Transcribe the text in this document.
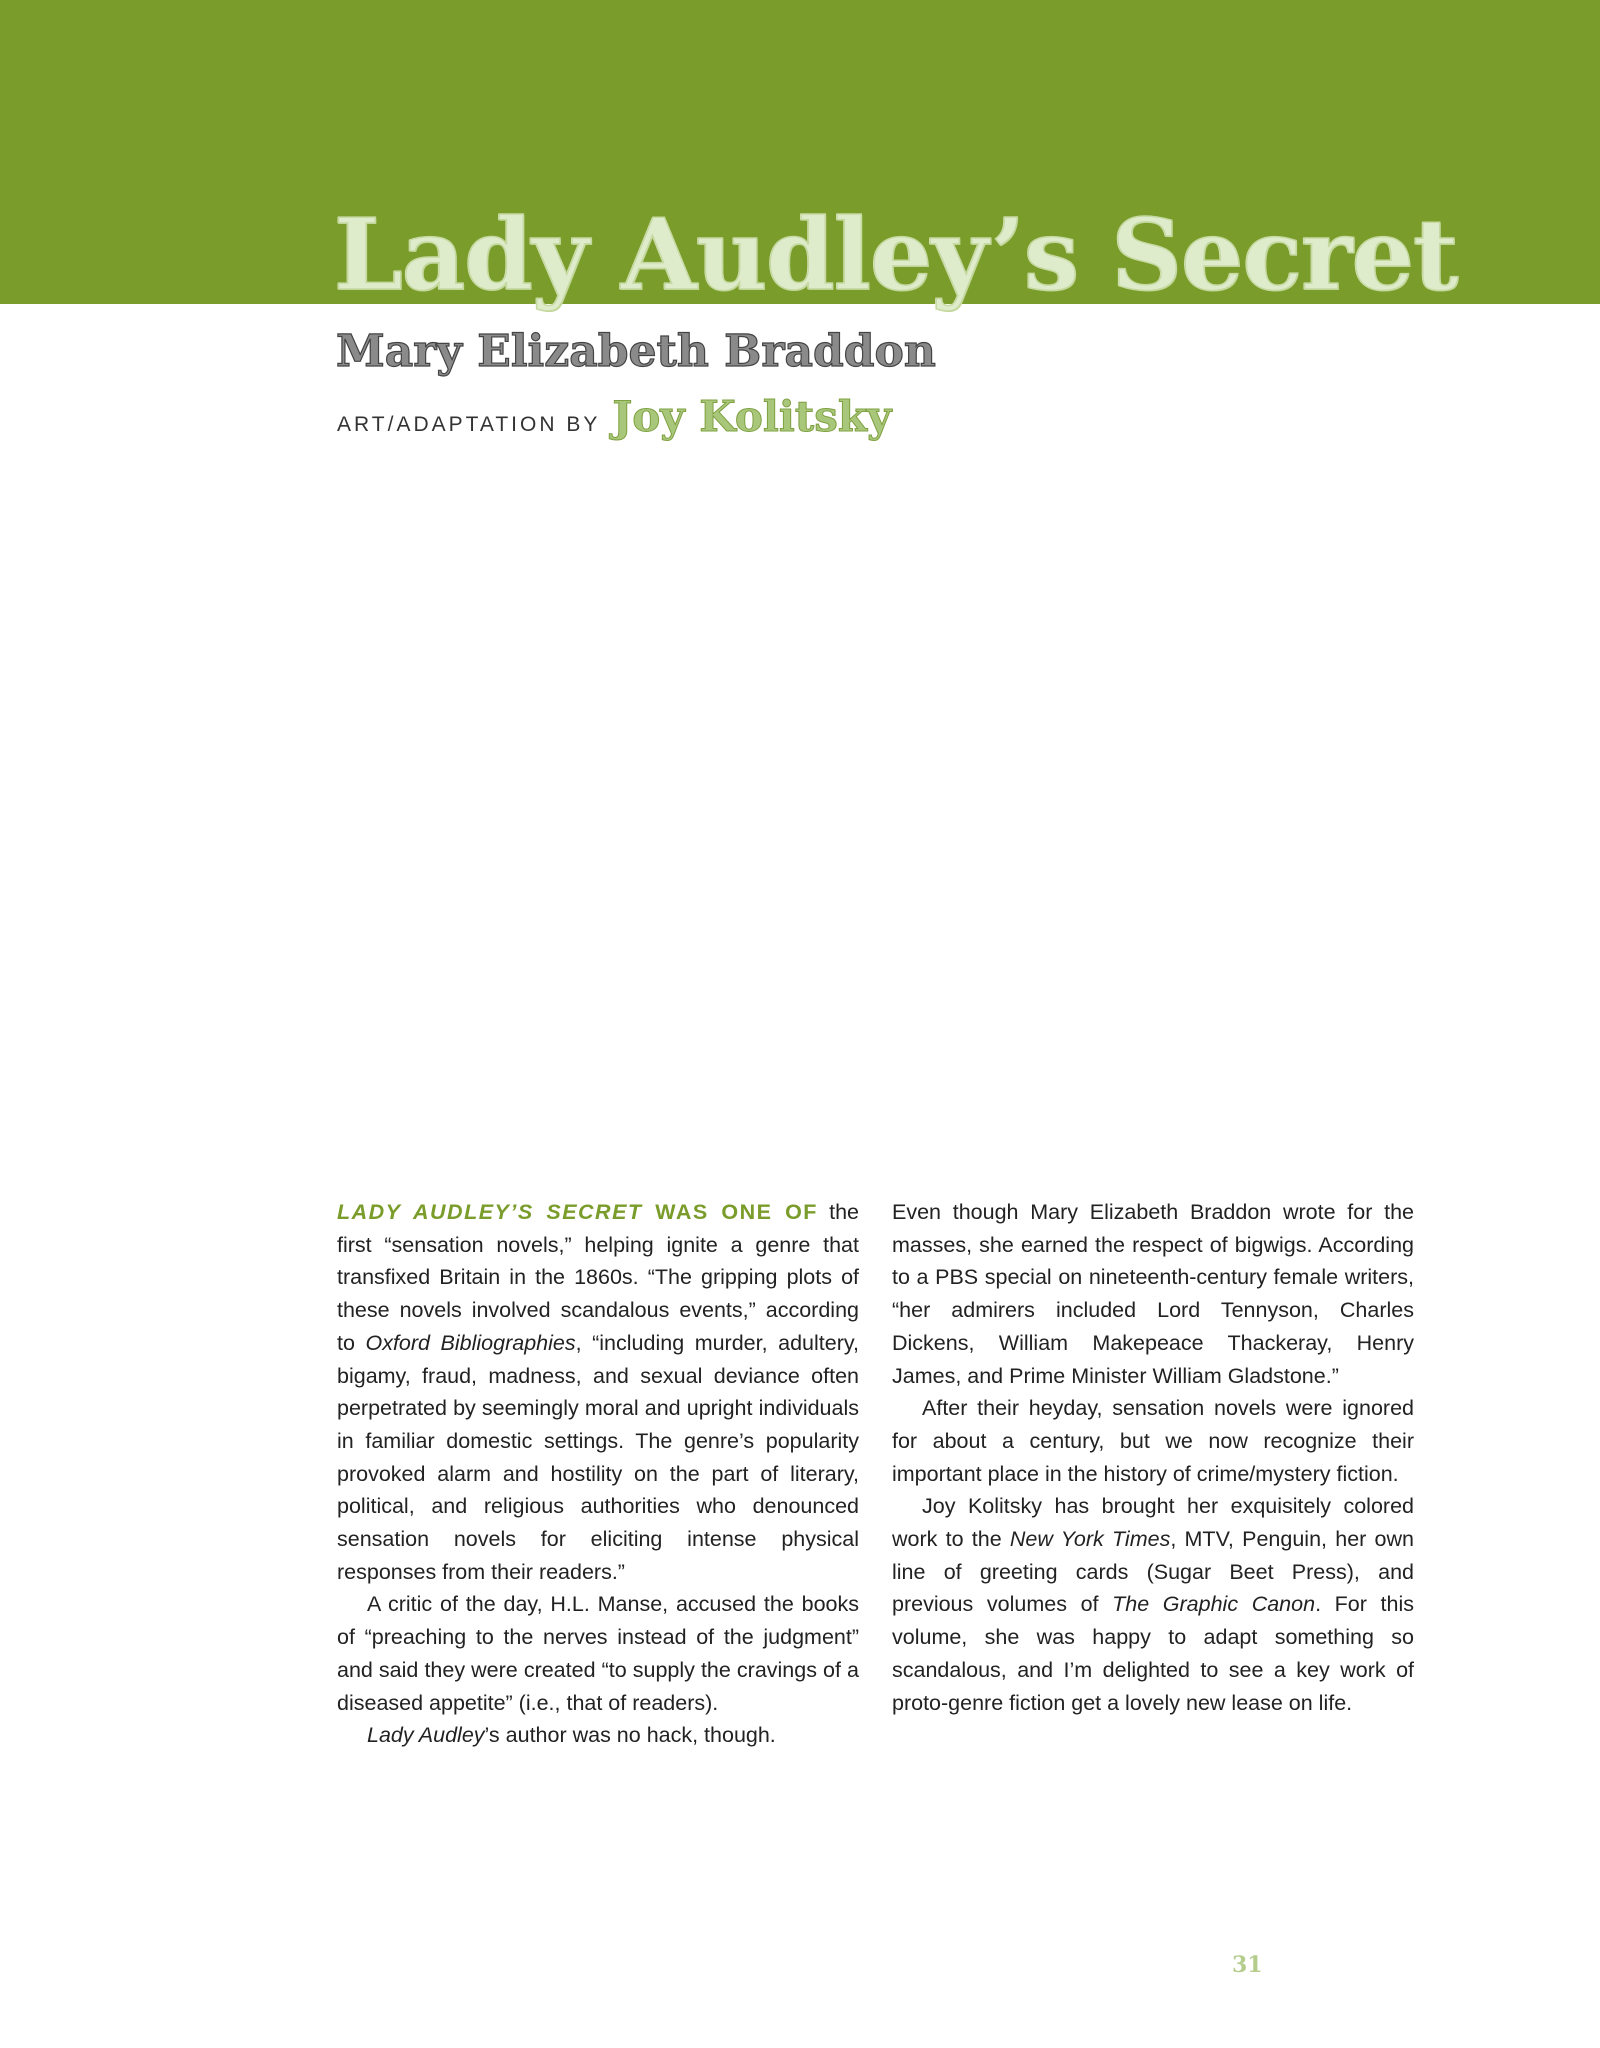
Lady Audley’s Secret
Mary Elizabeth Braddon
ART/ADAPTATION BY Joy Kolitsky

LADY AUDLEY’S SECRET WAS ONE OF the first “sensation novels,” helping ignite a genre that transfixed Britain in the 1860s. “The gripping plots of these novels involved scandalous events,” according to Oxford Bibliographies, “including murder, adultery, bigamy, fraud, madness, and sexual deviance often perpetrated by seemingly moral and upright individuals in familiar domestic settings. The genre’s popularity provoked alarm and hostility on the part of literary, political, and religious authorities who denounced sensation novels for eliciting intense physical responses from their readers.”

A critic of the day, H.L. Manse, accused the books of “preaching to the nerves instead of the judgment” and said they were created “to supply the cravings of a diseased appetite” (i.e., that of readers).

Lady Audley’s author was no hack, though.

Even though Mary Elizabeth Braddon wrote for the masses, she earned the respect of bigwigs. According to a PBS special on nineteenth-century female writers, “her admirers included Lord Tennyson, Charles Dickens, William Makepeace Thackeray, Henry James, and Prime Minister William Gladstone.”

After their heyday, sensation novels were ignored for about a century, but we now recognize their important place in the history of crime/mystery fiction.

Joy Kolitsky has brought her exquisitely colored work to the New York Times, MTV, Penguin, her own line of greeting cards (Sugar Beet Press), and previous volumes of The Graphic Canon. For this volume, she was happy to adapt something so scandalous, and I’m delighted to see a key work of proto-genre fiction get a lovely new lease on life.

31
